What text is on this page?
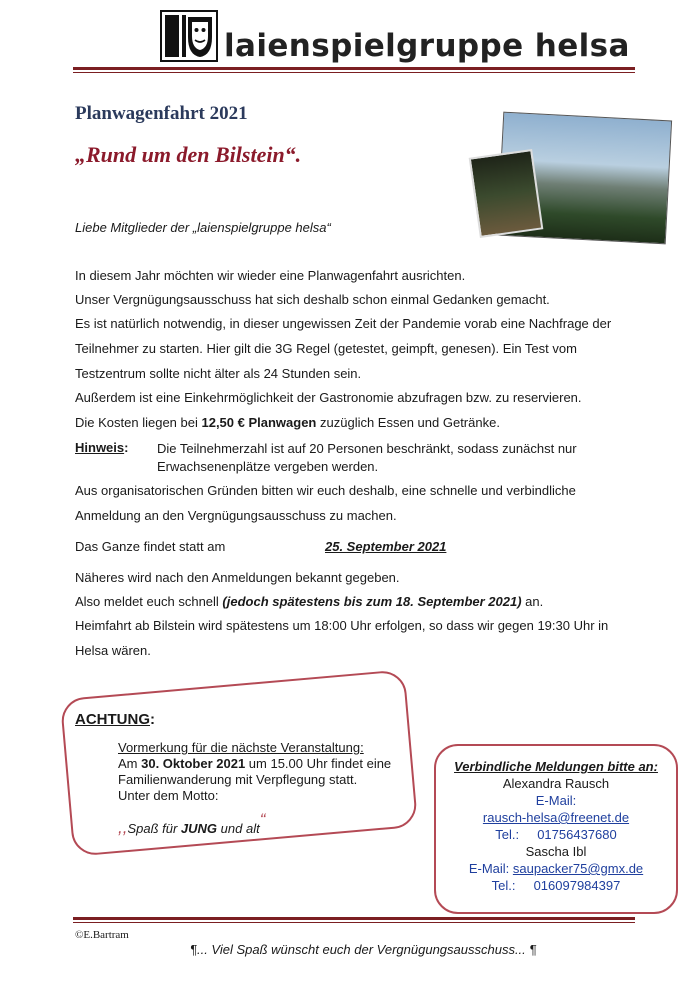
laienspielgruppe helsa
Planwagenfahrt 2021
„Rund um den Bilstein“.
Liebe Mitglieder der „laienspielgruppe helsa“
In diesem Jahr möchten wir wieder eine Planwagenfahrt ausrichten.
Unser Vergnügungsausschuss hat sich deshalb schon einmal Gedanken gemacht.
Es ist natürlich notwendig, in dieser ungewissen Zeit der Pandemie vorab eine Nachfrage der
Teilnehmer zu starten. Hier gilt die 3G Regel (getestet, geimpft, genesen). Ein Test vom
Testzentrum sollte nicht älter als 24 Stunden sein.
Außerdem ist eine Einkehrmöglichkeit der Gastronomie abzufragen bzw. zu reservieren.
Die Kosten liegen bei 12,50 € Planwagen zuzüglich Essen und Getränke.
Hinweis: Die Teilnehmerzahl ist auf 20 Personen beschränkt, sodass zunächst nur Erwachsenenplätze vergeben werden.
Aus organisatorischen Gründen bitten wir euch deshalb, eine schnelle und verbindliche
Anmeldung an den Vergnügungsausschuss zu machen.
Das Ganze findet statt am	25. September 2021
Näheres wird nach den Anmeldungen bekannt gegeben.
Also meldet euch schnell (jedoch spätestens bis zum 18. September 2021) an.
Heimfahrt ab Bilstein wird spätestens um 18:00 Uhr erfolgen, so dass wir gegen 19:30 Uhr in
Helsa wären.
ACHTUNG:
Vormerkung für die nächste Veranstaltung:
Am 30. Oktober 2021 um 15.00 Uhr findet eine
Familienwanderung mit Verpflegung statt.
Unter dem Motto:
,,Spaß für JUNG und alt“
Verbindliche Meldungen bitte an:
Alexandra Rausch
E-Mail:
rausch-helsa@freenet.de
Tel.: 01756437680
Sascha Ibl
E-Mail: saupacker75@gmx.de
Tel.: 016097984397
©E.Bartram
¶... Viel Spaß wünscht euch der Vergnügungsausschuss... ¶
